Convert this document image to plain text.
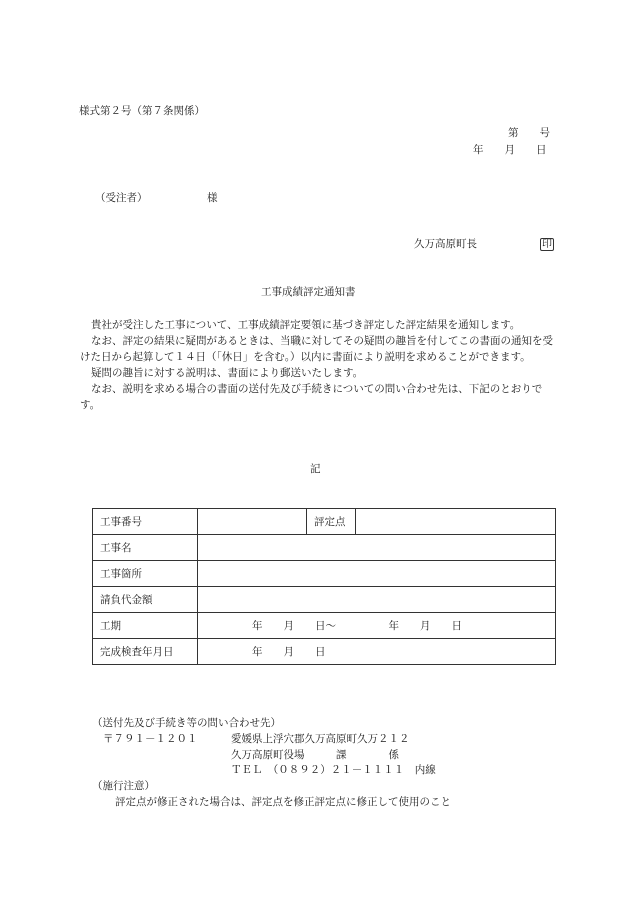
様式第２号（第７条関係）
第　　号
年　　月　　日
（受注者）	様
久万高原町長	印
工事成績評定通知書

貴社が受注した工事について、工事成績評定要領に基づき評定した評定結果を通知します。

なお、評定の結果に疑問があるときは、当職に対してその疑問の趣旨を付してこの書面の通知を受けた日から起算して１４日（「休日」を含む。）以内に書面により説明を求めることができます。

疑問の趣旨に対する説明は、書面により郵送いたします。

なお、説明を求める場合の書面の送付先及び手続きについての問い合わせ先は、下記のとおりです。

記
工事番号		評定点	
工事名			
工事箇所			
請負代金額			
工期	年　　月　　日～　　　　　年　　月　　日		
完成検査年月日	年　　月　　日		
（送付先及び手続き等の問い合わせ先）
〒７９１－１２０１	愛媛県上浮穴郡久万高原町久万２１２
久万高原町役場　　　課　　　　係
ＴＥＬ　（０８９２）２１－１１１１　内線
（施行注意）
評定点が修正された場合は、評定点を修正評定点に修正して使用のこと
